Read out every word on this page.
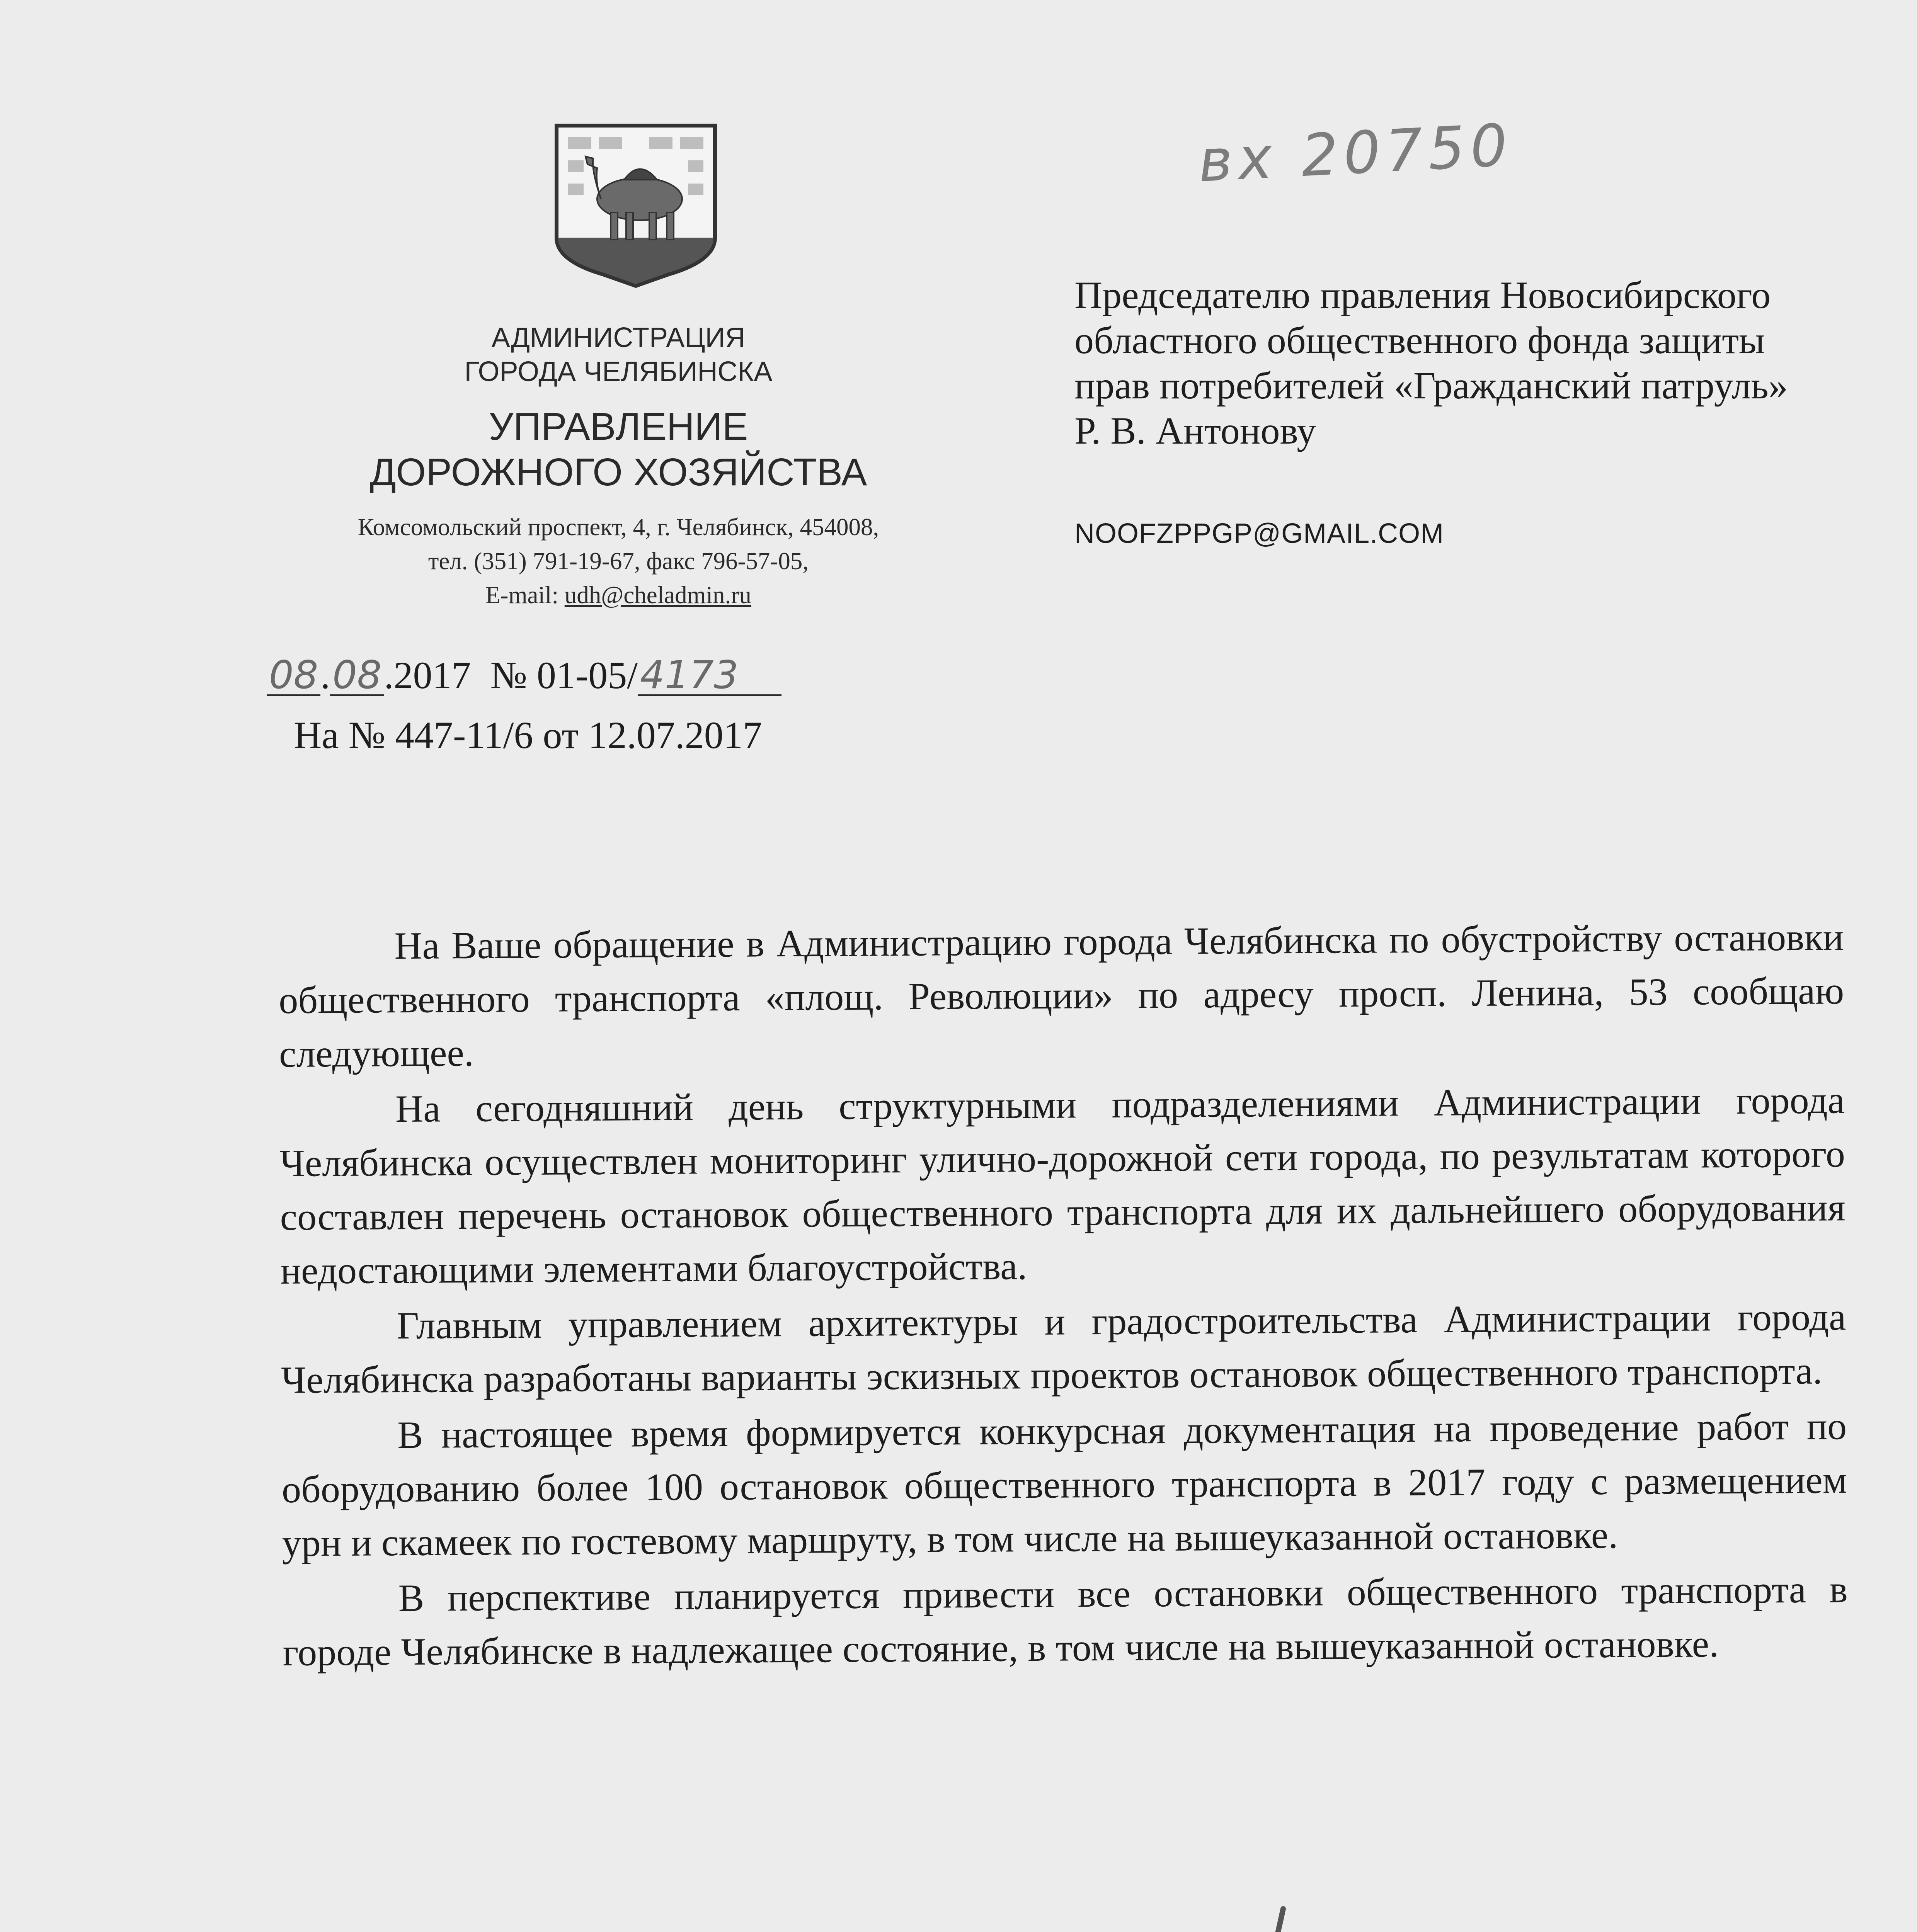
АДМИНИСТРАЦИЯ
ГОРОДА ЧЕЛЯБИНСКА
УПРАВЛЕНИЕ
ДОРОЖНОГО ХОЗЯЙСТВА
Комсомольский проспект, 4, г. Челябинск, 454008,
тел. (351) 791-19-67, факс 796-57-05,
E-mail: udh@cheladmin.ru
08.08.2017 № 01-05/4173
На № 447-11/6 от 12.07.2017
вх 20750
Председателю правления Новосибирского
областного общественного фонда защиты
прав потребителей «Гражданский патруль»
Р. В. Антонову
NOOFZPPGP@GMAIL.COM

На Ваше обращение в Администрацию города Челябинска по обустройству остановки общественного транспорта «площ. Революции» по адресу просп. Ленина, 53 сообщаю следующее.

На сегодняшний день структурными подразделениями Администрации города Челябинска осуществлен мониторинг улично-дорожной сети города, по результатам которого составлен перечень остановок общественного транспорта для их дальнейшего оборудования недостающими элементами благоустройства.

Главным управлением архитектуры и градостроительства Администрации города Челябинска разработаны варианты эскизных проектов остановок общественного транспорта.

В настоящее время формируется конкурсная документация на проведение работ по оборудованию более 100 остановок общественного транспорта в 2017 году с размещением урн и скамеек по гостевому маршруту, в том числе на вышеуказанной остановке.

В перспективе планируется привести все остановки общественного транспорта в городе Челябинске в надлежащее состояние, в том числе на вышеуказанной остановке.
